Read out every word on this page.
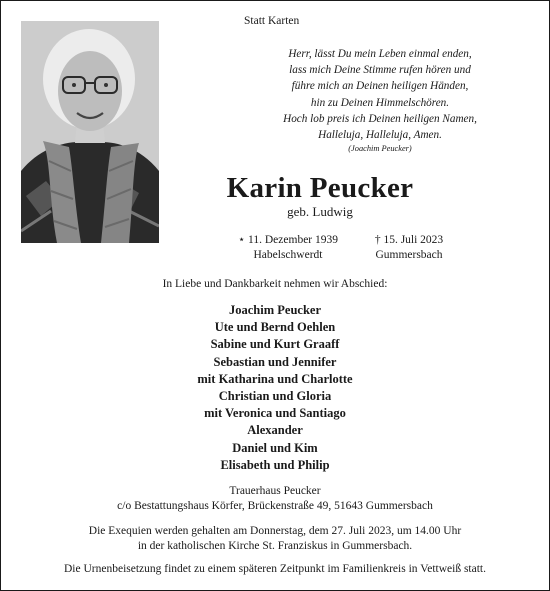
Statt Karten
Herr, lässt Du mein Leben einmal enden,
lass mich Deine Stimme rufen hören und
führe mich an Deinen heiligen Händen,
hin zu Deinen Himmelschören.
Hoch lob preis ich Deinen heiligen Namen,
Halleluja, Halleluja, Amen.
(Joachim Peucker)
Karin Peucker
geb. Ludwig
⋆ 11. Dezember 1939
Habelschwerdt
† 15. Juli 2023
Gummersbach
In Liebe und Dankbarkeit nehmen wir Abschied:
Joachim Peucker
Ute und Bernd Oehlen
Sabine und Kurt Graaff
Sebastian und Jennifer
mit Katharina und Charlotte
Christian und Gloria
mit Veronica und Santiago
Alexander
Daniel und Kim
Elisabeth und Philip
Trauerhaus Peucker
c/o Bestattungshaus Körfer, Brückenstraße 49, 51643 Gummersbach
Die Exequien werden gehalten am Donnerstag, dem 27. Juli 2023, um 14.00 Uhr
in der katholischen Kirche St. Franziskus in Gummersbach.
Die Urnenbeisetzung findet zu einem späteren Zeitpunkt im Familienkreis in Vettweiß statt.
